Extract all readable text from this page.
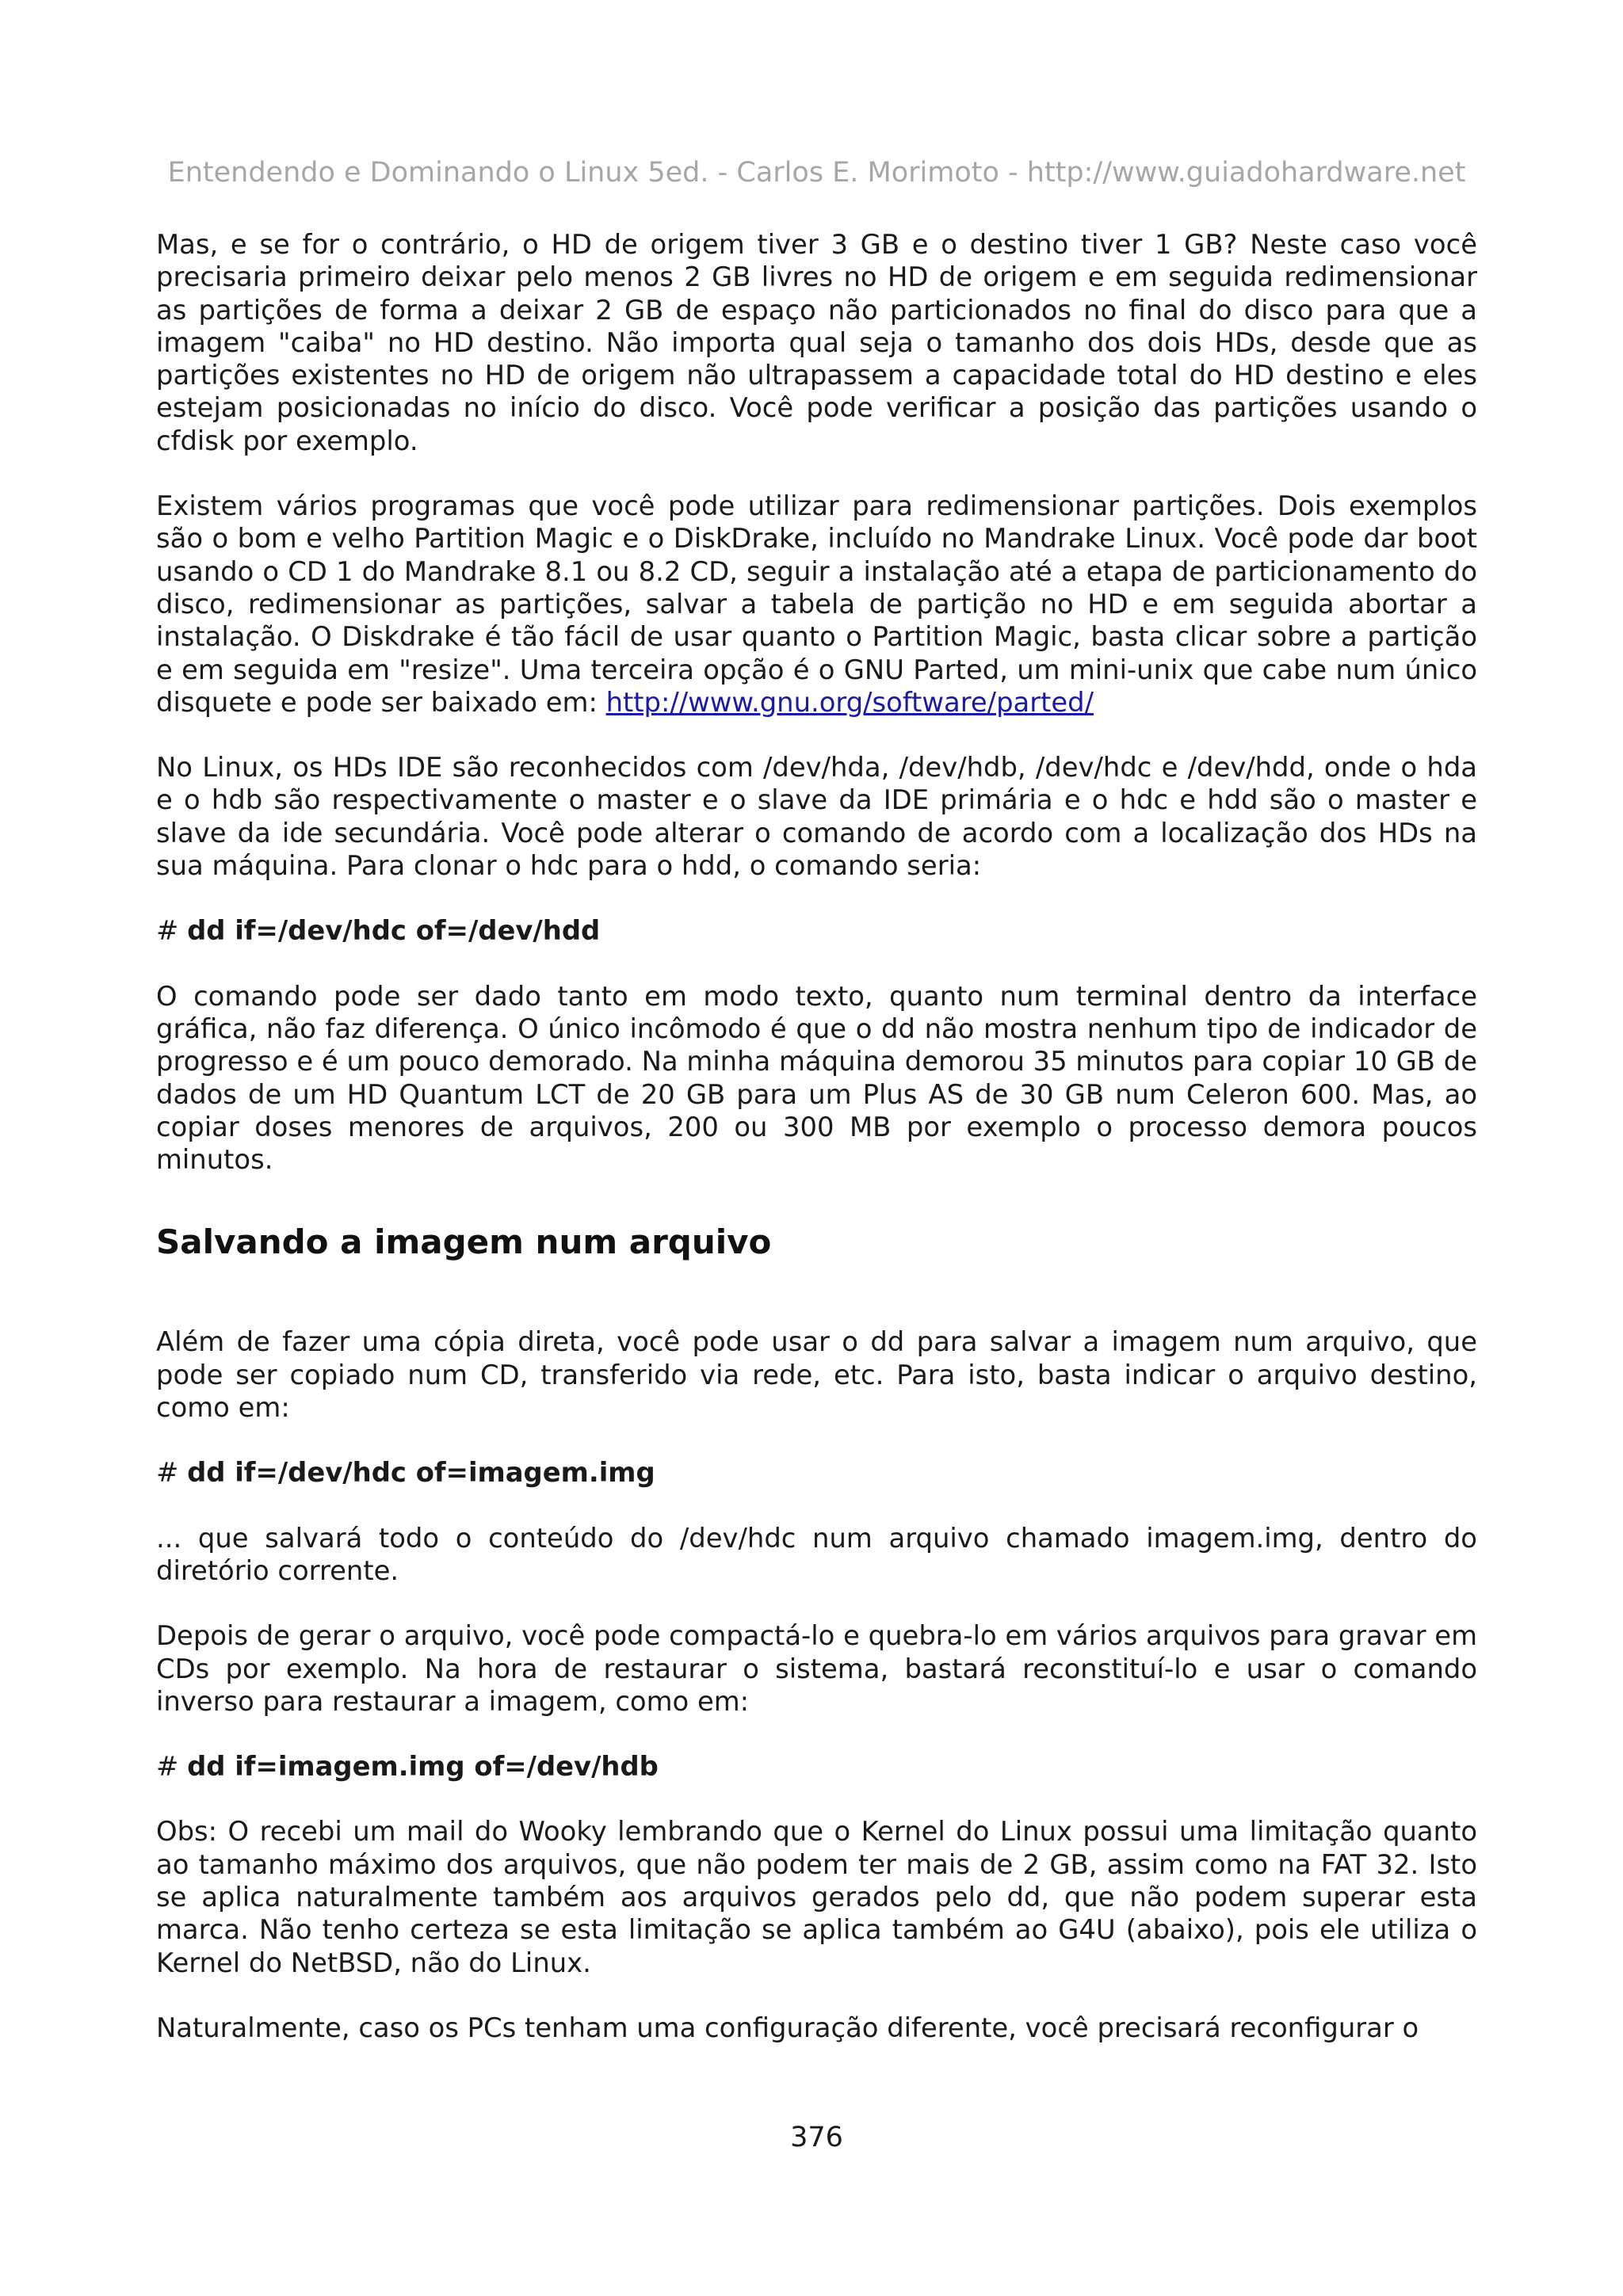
Entendendo e Dominando o Linux 5ed. - Carlos E. Morimoto - http://www.guiadohardware.net

Mas, e se for o contrário, o HD de origem tiver 3 GB e o destino tiver 1 GB? Neste caso você precisaria primeiro deixar pelo menos 2 GB livres no HD de origem e em seguida redimensionar as partições de forma a deixar 2 GB de espaço não particionados no final do disco para que a imagem "caiba" no HD destino. Não importa qual seja o tamanho dos dois HDs, desde que as partições existentes no HD de origem não ultrapassem a capacidade total do HD destino e eles estejam posicionadas no início do disco. Você pode verificar a posição das partições usando o cfdisk por exemplo.

Existem vários programas que você pode utilizar para redimensionar partições. Dois exemplos são o bom e velho Partition Magic e o DiskDrake, incluído no Mandrake Linux. Você pode dar boot usando o CD 1 do Mandrake 8.1 ou 8.2 CD, seguir a instalação até a etapa de particionamento do disco, redimensionar as partições, salvar a tabela de partição no HD e em seguida abortar a instalação. O Diskdrake é tão fácil de usar quanto o Partition Magic, basta clicar sobre a partição e em seguida em "resize". Uma terceira opção é o GNU Parted, um mini-unix que cabe num único disquete e pode ser baixado em: http://www.gnu.org/software/parted/

No Linux, os HDs IDE são reconhecidos com /dev/hda, /dev/hdb, /dev/hdc e /dev/hdd, onde o hda e o hdb são respectivamente o master e o slave da IDE primária e o hdc e hdd são o master e slave da ide secundária. Você pode alterar o comando de acordo com a localização dos HDs na sua máquina. Para clonar o hdc para o hdd, o comando seria:

# dd if=/dev/hdc of=/dev/hdd

O comando pode ser dado tanto em modo texto, quanto num terminal dentro da interface gráfica, não faz diferença. O único incômodo é que o dd não mostra nenhum tipo de indicador de progresso e é um pouco demorado. Na minha máquina demorou 35 minutos para copiar 10 GB de dados de um HD Quantum LCT de 20 GB para um Plus AS de 30 GB num Celeron 600. Mas, ao copiar doses menores de arquivos, 200 ou 300 MB por exemplo o processo demora poucos minutos.

Salvando a imagem num arquivo

Além de fazer uma cópia direta, você pode usar o dd para salvar a imagem num arquivo, que pode ser copiado num CD, transferido via rede, etc. Para isto, basta indicar o arquivo destino, como em:

# dd if=/dev/hdc of=imagem.img

... que salvará todo o conteúdo do /dev/hdc num arquivo chamado imagem.img, dentro do diretório corrente.

Depois de gerar o arquivo, você pode compactá-lo e quebra-lo em vários arquivos para gravar em CDs por exemplo. Na hora de restaurar o sistema, bastará reconstituí-lo e usar o comando inverso para restaurar a imagem, como em:

# dd if=imagem.img of=/dev/hdb

Obs: O recebi um mail do Wooky lembrando que o Kernel do Linux possui uma limitação quanto ao tamanho máximo dos arquivos, que não podem ter mais de 2 GB, assim como na FAT 32. Isto se aplica naturalmente também aos arquivos gerados pelo dd, que não podem superar esta marca. Não tenho certeza se esta limitação se aplica também ao G4U (abaixo), pois ele utiliza o Kernel do NetBSD, não do Linux.

Naturalmente, caso os PCs tenham uma configuração diferente, você precisará reconfigurar o

376
